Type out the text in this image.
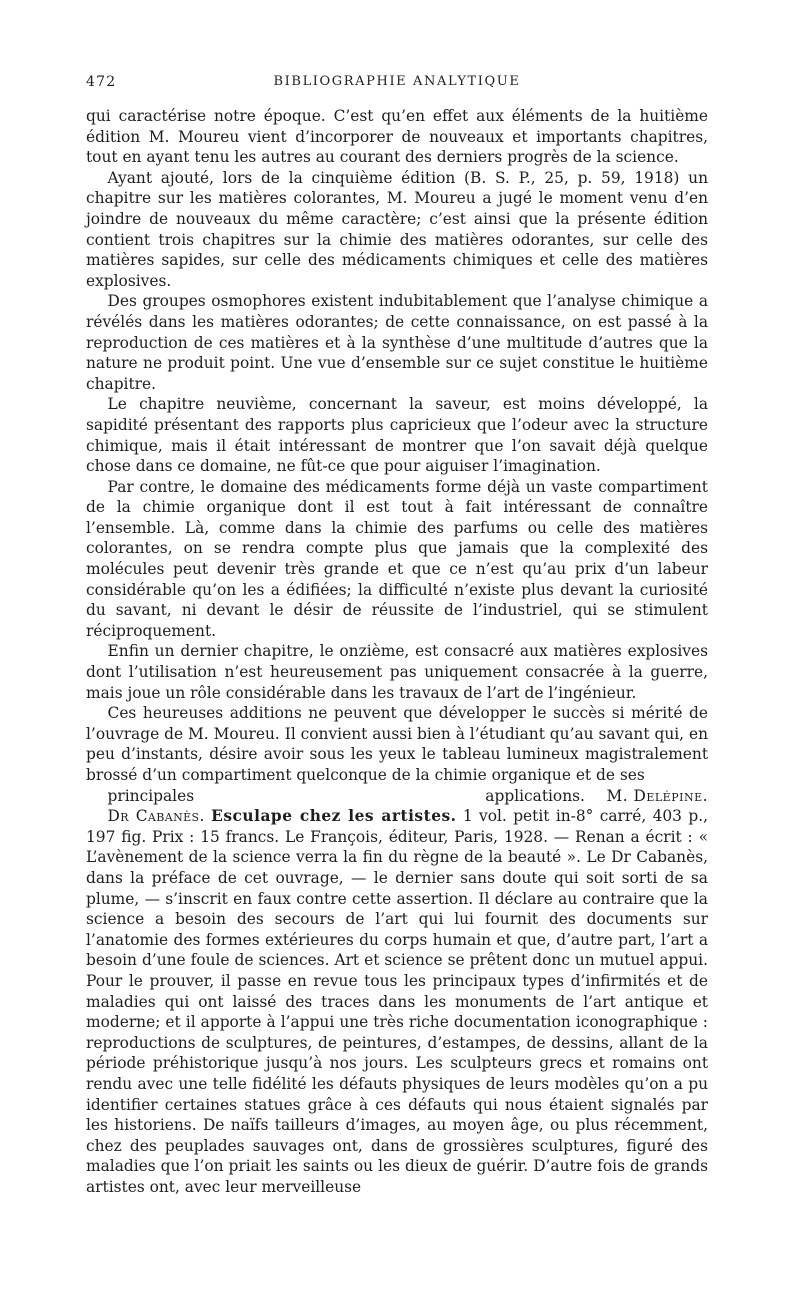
472	BIBLIOGRAPHIE ANALYTIQUE

qui caractérise notre époque. C’est qu’en effet aux éléments de la huitième édition M. Moureu vient d’incorporer de nouveaux et importants chapitres, tout en ayant tenu les autres au courant des derniers progrès de la science.

Ayant ajouté, lors de la cinquième édition (B. S. P., 25, p. 59, 1918) un chapitre sur les matières colorantes, M. Moureu a jugé le moment venu d’en joindre de nouveaux du même caractère; c’est ainsi que la présente édition contient trois chapitres sur la chimie des matières odorantes, sur celle des matières sapides, sur celle des médicaments chimiques et celle des matières explosives.

Des groupes osmophores existent indubitablement que l’analyse chimique a révélés dans les matières odorantes; de cette connaissance, on est passé à la reproduction de ces matières et à la synthèse d’une multitude d’autres que la nature ne produit point. Une vue d’ensemble sur ce sujet constitue le huitième chapitre.

Le chapitre neuvième, concernant la saveur, est moins développé, la sapidité présentant des rapports plus capricieux que l’odeur avec la structure chimique, mais il était intéressant de montrer que l’on savait déjà quelque chose dans ce domaine, ne fût-ce que pour aiguiser l’imagination.

Par contre, le domaine des médicaments forme déjà un vaste compartiment de la chimie organique dont il est tout à fait intéressant de connaître l’ensemble. Là, comme dans la chimie des parfums ou celle des matières colorantes, on se rendra compte plus que jamais que la complexité des molécules peut devenir très grande et que ce n’est qu’au prix d’un labeur considérable qu’on les a édifiées; la difficulté n’existe plus devant la curiosité du savant, ni devant le désir de réussite de l’industriel, qui se stimulent réciproquement.

Enfin un dernier chapitre, le onzième, est consacré aux matières explosives dont l’utilisation n’est heureusement pas uniquement consacrée à la guerre, mais joue un rôle considérable dans les travaux de l’art de l’ingénieur.

Ces heureuses additions ne peuvent que développer le succès si mérité de l’ouvrage de M. Moureu. Il convient aussi bien à l’étudiant qu’au savant qui, en peu d’instants, désire avoir sous les yeux le tableau lumineux magistralement brossé d’un compartiment quelconque de la chimie organique et de ses
principales applications.	M. Delépine.

Dr Cabanès. Esculape chez les artistes. 1 vol. petit in-8° carré, 403 p., 197 fig. Prix : 15 francs. Le François, éditeur, Paris, 1928. — Renan a écrit : « L’avènement de la science verra la fin du règne de la beauté ». Le Dr Cabanès, dans la préface de cet ouvrage, — le dernier sans doute qui soit sorti de sa plume, — s’inscrit en faux contre cette assertion. Il déclare au contraire que la science a besoin des secours de l’art qui lui fournit des documents sur l’anatomie des formes extérieures du corps humain et que, d’autre part, l’art a besoin d’une foule de sciences. Art et science se prêtent donc un mutuel appui. Pour le prouver, il passe en revue tous les principaux types d’infirmités et de maladies qui ont laissé des traces dans les monuments de l’art antique et moderne; et il apporte à l’appui une très riche documentation iconographique : reproductions de sculptures, de peintures, d’estampes, de dessins, allant de la période préhistorique jusqu’à nos jours. Les sculpteurs grecs et romains ont rendu avec une telle fidélité les défauts physiques de leurs modèles qu’on a pu identifier certaines statues grâce à ces défauts qui nous étaient signalés par les historiens. De naïfs tailleurs d’images, au moyen âge, ou plus récemment, chez des peuplades sauvages ont, dans de grossières sculptures, figuré des maladies que l’on priait les saints ou les dieux de guérir. D’autre fois de grands artistes ont, avec leur merveilleuse
